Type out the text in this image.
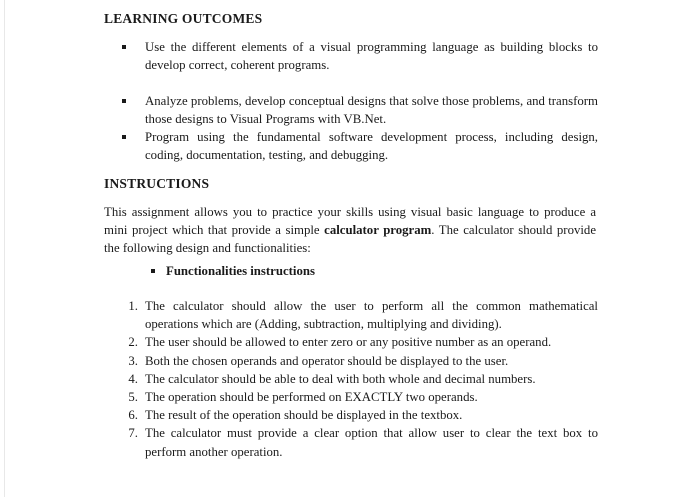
LEARNING OUTCOMES
Use the different elements of a visual programming language as building blocks to develop correct, coherent programs.
Analyze problems, develop conceptual designs that solve those problems, and transform those designs to Visual Programs with VB.Net.
Program using the fundamental software development process, including design, coding, documentation, testing, and debugging.
INSTRUCTIONS

This assignment allows you to practice your skills using visual basic language to produce a mini project which that provide a simple calculator program. The calculator should provide the following design and functionalities:

Functionalities instructions
1. The calculator should allow the user to perform all the common mathematical operations which are (Adding, subtraction, multiplying and dividing).
2. The user should be allowed to enter zero or any positive number as an operand.
3. Both the chosen operands and operator should be displayed to the user.
4. The calculator should be able to deal with both whole and decimal numbers.
5. The operation should be performed on EXACTLY two operands.
6. The result of the operation should be displayed in the textbox.
7. The calculator must provide a clear option that allow user to clear the text box to perform another operation.
